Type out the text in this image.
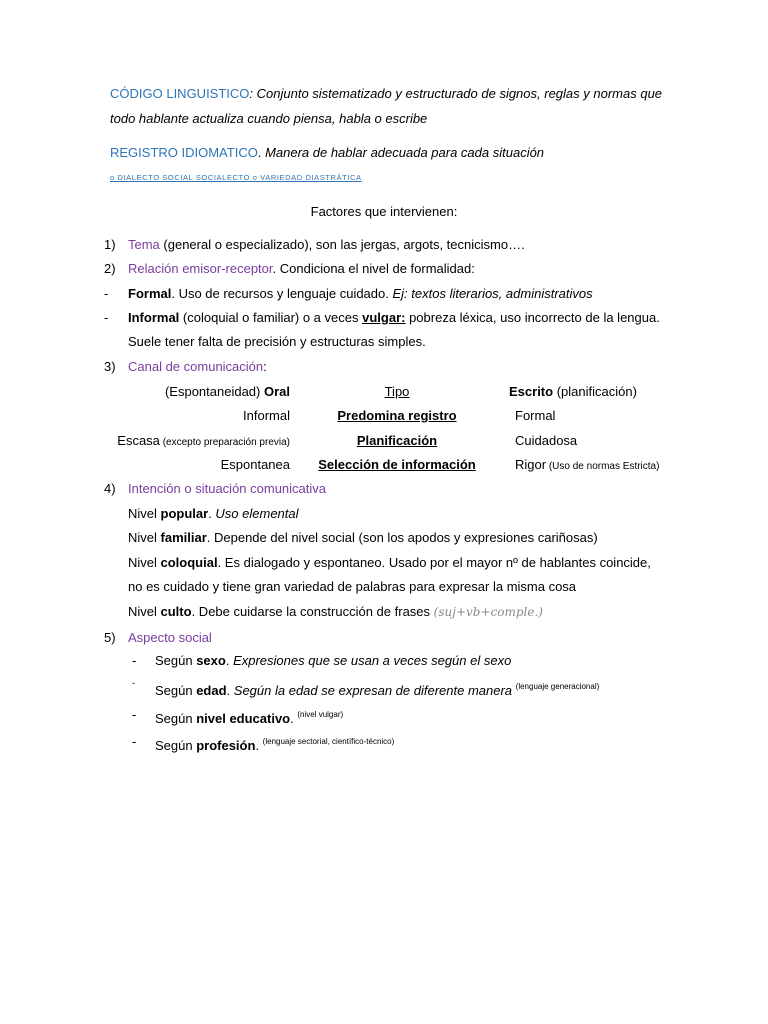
CÓDIGO LINGUISTICO: Conjunto sistematizado y estructurado de signos, reglas y normas que
todo hablante actualiza cuando piensa, habla o escribe
REGISTRO IDIOMATICO. Manera de hablar adecuada para cada situación
o DIALECTO SOCIAL SOCIALECTO o VARIEDAD DIASTRÁTICA
Factores que intervienen:
1) Tema (general o especializado), son las jergas, argots, tecnicismo….
2) Relación emisor-receptor. Condiciona el nivel de formalidad:
- Formal. Uso de recursos y lenguaje cuidado. Ej: textos literarios, administrativos
- Informal (coloquial o familiar) o a veces vulgar: pobreza léxica, uso incorrecto de la lengua.
Suele tener falta de precisión y estructuras simples.
3) Canal de comunicación:
(Espontaneidad) Oral	Tipo	Escrito (planificación)
Informal	Predomina registro	Formal
Escasa (excepto preparación previa)	Planificación	Cuidadosa
Espontanea	Selección de información	Rigor (Uso de normas Estricta)
4) Intención o situación comunicativa
Nivel popular. Uso elemental
Nivel familiar. Depende del nivel social (son los apodos y expresiones cariñosas)
Nivel coloquial. Es dialogado y espontaneo. Usado por el mayor nº de hablantes coincide,
no es cuidado y tiene gran variedad de palabras para expresar la misma cosa
Nivel culto. Debe cuidarse la construcción de frases (suj+vb+comple.)
5) Aspecto social
- Según sexo. Expresiones que se usan a veces según el sexo
- Según edad. Según la edad se expresan de diferente manera $^{(lenguaje generacional)}$
- Según nivel educativo. $^{(nivel vulgar)}$
- Según profesión. $^{(lenguaje sectorial, científico-técnico)}$
